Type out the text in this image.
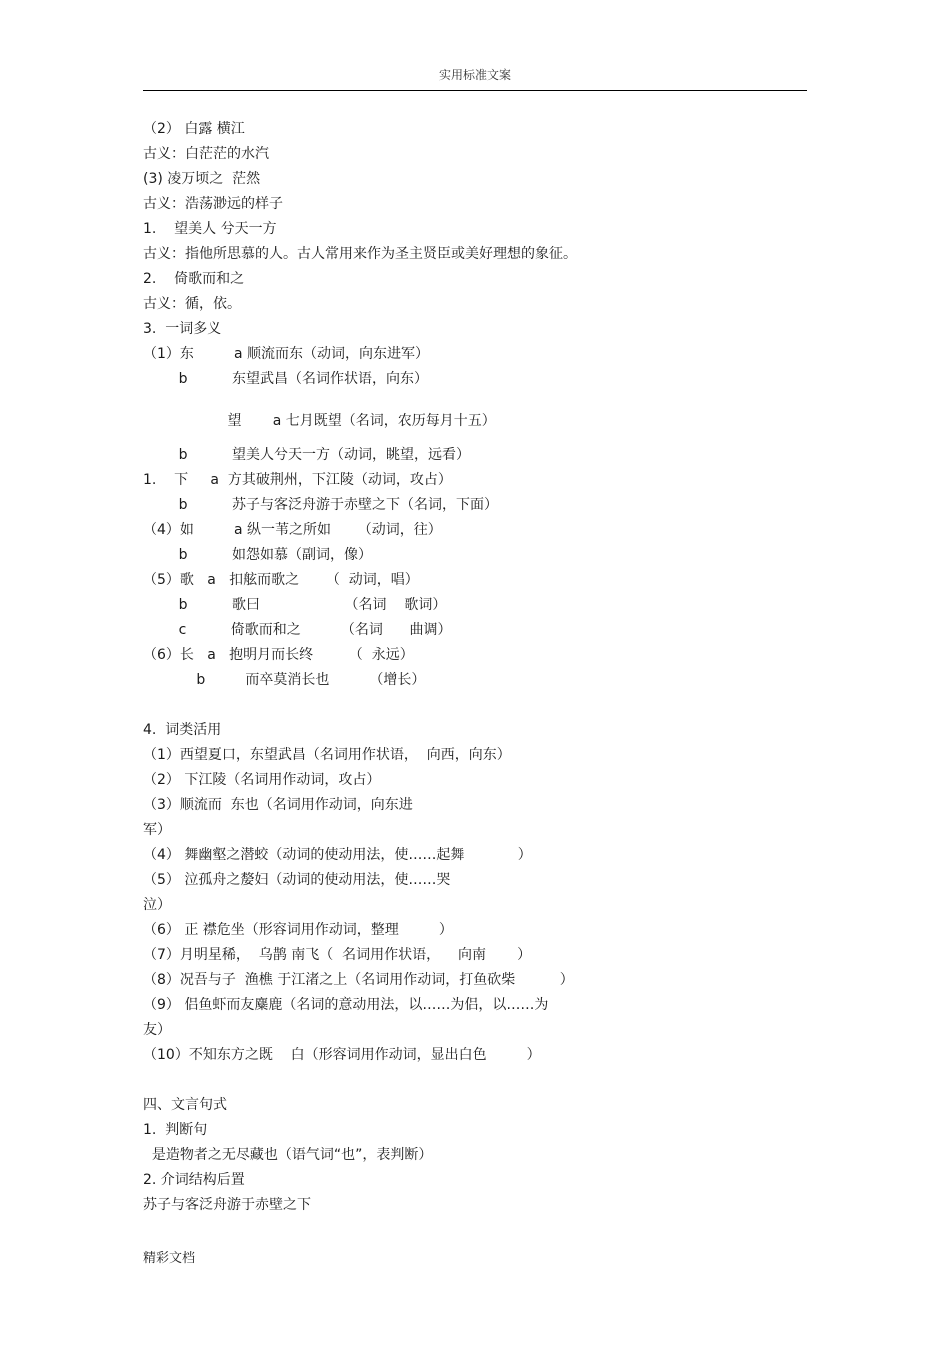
实用标准文案
（2） 白露 横江
古义：白茫茫的水汽
(3) 凌万顷之  茫然
古义：浩荡渺远的样子
1.    望美人 兮天一方
古义：指他所思慕的人。古人常用来作为圣主贤臣或美好理想的象征。
2.    倚歌而和之
古义：循，依。
3.  一词多义
（1）东         a 顺流而东（动词，向东进军）
b          东望武昌（名词作状语，向东）
望       a 七月既望（名词，农历每月十五）
b          望美人兮天一方（动词，眺望，远看）
1.    下     a  方其破荆州，下江陵（动词，攻占）
b          苏子与客泛舟游于赤壁之下（名词，下面）
（4）如         a 纵一苇之所如      （动词，往）
b          如怨如慕（副词，像）
（5）歌   a   扣舷而歌之      （  动词，唱）
b          歌曰                   （名词    歌词）
c          倚歌而和之         （名词      曲调）
（6）长   a   抱明月而长终        （  永远）
b         而卒莫消长也         （增长）
4.  词类活用
（1）西望夏口，东望武昌（名词用作状语，  向西，向东）
（2） 下江陵（名词用作动词，攻占）
（3）顺流而  东也（名词用作动词，向东进
军）
（4） 舞幽壑之潜蛟（动词的使动用法，使……起舞            ）
（5） 泣孤舟之嫠妇（动词的使动用法，使……哭
泣）
（6） 正 襟危坐（形容词用作动词，整理         ）
（7）月明星稀，  乌鹊 南飞（  名词用作状语，    向南       ）
（8）况吾与子  渔樵 于江渚之上（名词用作动词，打鱼砍柴          ）
（9） 侣鱼虾而友麋鹿（名词的意动用法，以……为侣，以……为
友）
（10）不知东方之既    白（形容词用作动词，显出白色         ）
四、文言句式
1.  判断句
是造物者之无尽藏也（语气词“也”，表判断）
2. 介词结构后置
苏子与客泛舟游于赤壁之下
精彩文档
